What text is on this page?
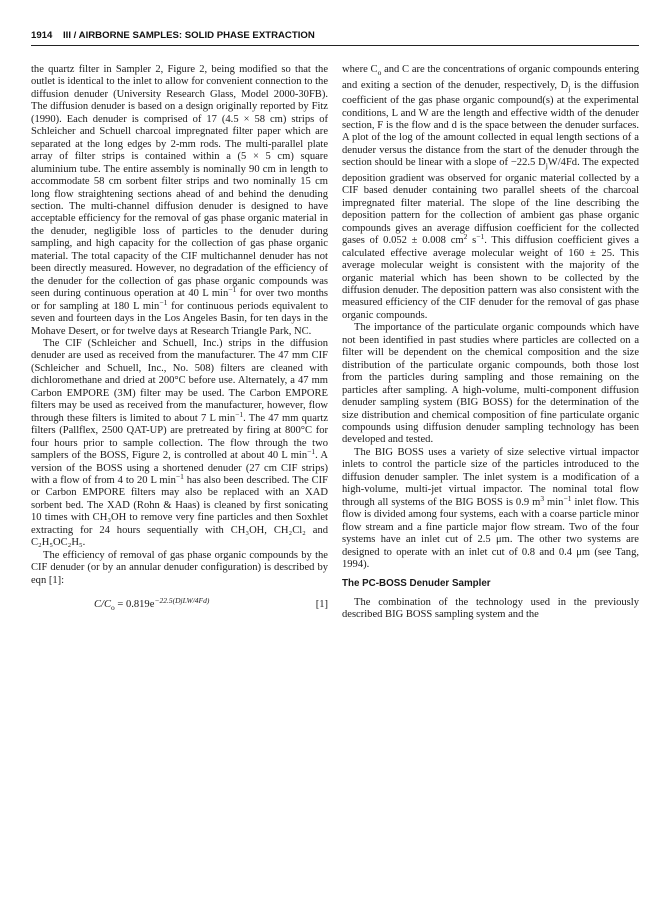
1914 III / AIRBORNE SAMPLES: SOLID PHASE EXTRACTION

the quartz filter in Sampler 2, Figure 2, being modified so that the outlet is identical to the inlet to allow for convenient connection to the diffusion denuder (University Research Glass, Model 2000-30FB). The diffusion denuder is based on a design originally reported by Fitz (1990). Each denuder is comprised of 17 (4.5 × 58 cm) strips of Schleicher and Schuell charcoal impregnated filter paper which are separated at the long edges by 2-mm rods. The multi-parallel plate array of filter strips is contained within a (5 × 5 cm) square aluminium tube. The entire assembly is nominally 90 cm in length to accommodate 58 cm sorbent filter strips and two nominally 15 cm long flow straightening sections ahead of and behind the denuding section. The multi-channel diffusion denuder is designed to have acceptable efficiency for the removal of gas phase organic material in the denuder, negligible loss of particles to the denuder during sampling, and high capacity for the collection of gas phase organic material. The total capacity of the CIF multichannel denuder has not been directly measured. However, no degradation of the efficiency of the denuder for the collection of gas phase organic compounds was seen during continuous operation at 40 L $\min^{-1}$ for over two months or for sampling at 180 L $\min^{-1}$ for continuous periods equivalent to seven and fourteen days in the Los Angeles Basin, for ten days in the Mohave Desert, or for twelve days at Research Triangle Park, NC.

The CIF (Schleicher and Schuell, Inc.) strips in the diffusion denuder are used as received from the manufacturer. The 47 mm CIF (Schleicher and Schuell, Inc., No. 508) filters are cleaned with dichloromethane and dried at 200°C before use. Alternately, a 47 mm Carbon EMPORE (3M) filter may be used. The Carbon EMPORE filters may be used as received from the manufacturer, however, flow through these filters is limited to about 7 L $\min^{-1}$. The 47 mm quartz filters (Pallflex, 2500 QAT-UP) are pretreated by firing at 800°C for four hours prior to sample collection. The flow through the two samplers of the BOSS, Figure 2, is controlled at about 40 L $\min^{-1}$. A version of the BOSS using a shortened denuder (27 cm CIF strips) with a flow of from 4 to 20 L $\min^{-1}$ has also been described. The CIF or Carbon EMPORE filters may also be replaced with an XAD sorbent bed. The XAD (Rohn & Haas) is cleaned by first sonicating 10 times with CH₃OH to remove very fine particles and then Soxhlet extracting for 24 hours sequentially with CH₃OH, CH₂Cl₂ and C₂H₅OC₂H₅.

The efficiency of removal of gas phase organic compounds by the CIF denuder (or by an annular denuder configuration) is described by eqn [1]:

$C/C_o = 0.819e^{-22.5(DjLW/4Fd)}$	[1]

where $C_o$ and C are the concentrations of organic compounds entering and exiting a section of the denuder, respectively, $D_j$ is the diffusion coefficient of the gas phase organic compound(s) at the experimental conditions, L and W are the length and effective width of the denuder section, F is the flow and d is the space between the denuder surfaces. A plot of the log of the amount collected in equal length sections of a denuder versus the distance from the start of the denuder through the section should be linear with a slope of −22.5 $D_jW/4Fd$. The expected deposition gradient was observed for organic material collected by a CIF based denuder containing two parallel sheets of the charcoal impregnated filter material. The slope of the line describing the deposition pattern for the collection of ambient gas phase organic compounds gives an average diffusion coefficient for the collected gases of 0.052 ± 0.008 $cm^2$ $s^{-1}$. This diffusion coefficient gives a calculated effective average molecular weight of 160 ± 25. This average molecular weight is consistent with the majority of the organic material which has been shown to be collected by the diffusion denuder. The deposition pattern was also consistent with the measured efficiency of the CIF denuder for the removal of gas phase organic compounds.

The importance of the particulate organic compounds which have not been identified in past studies where particles are collected on a filter will be dependent on the chemical composition and the size distribution of the particulate organic compounds, both those lost from the particles during sampling and those remaining on the particles after sampling. A high-volume, multi-component diffusion denuder sampling system (BIG BOSS) for the determination of the size distribution and chemical composition of fine particulate organic compounds using diffusion denuder sampling technology has been developed and tested.

The BIG BOSS uses a variety of size selective virtual impactor inlets to control the particle size of the particles introduced to the diffusion denuder sampler. The inlet system is a modification of a high-volume, multi-jet virtual impactor. The nominal total flow through all systems of the BIG BOSS is 0.9 $m^3$ $\min^{-1}$ inlet flow. This flow is divided among four systems, each with a coarse particle minor flow stream and a fine particle major flow stream. Two of the four systems have an inlet cut of 2.5 μm. The other two systems are designed to operate with an inlet cut of 0.8 and 0.4 μm (see Tang, 1994).

The PC-BOSS Denuder Sampler

The combination of the technology used in the previously described BIG BOSS sampling system and the
